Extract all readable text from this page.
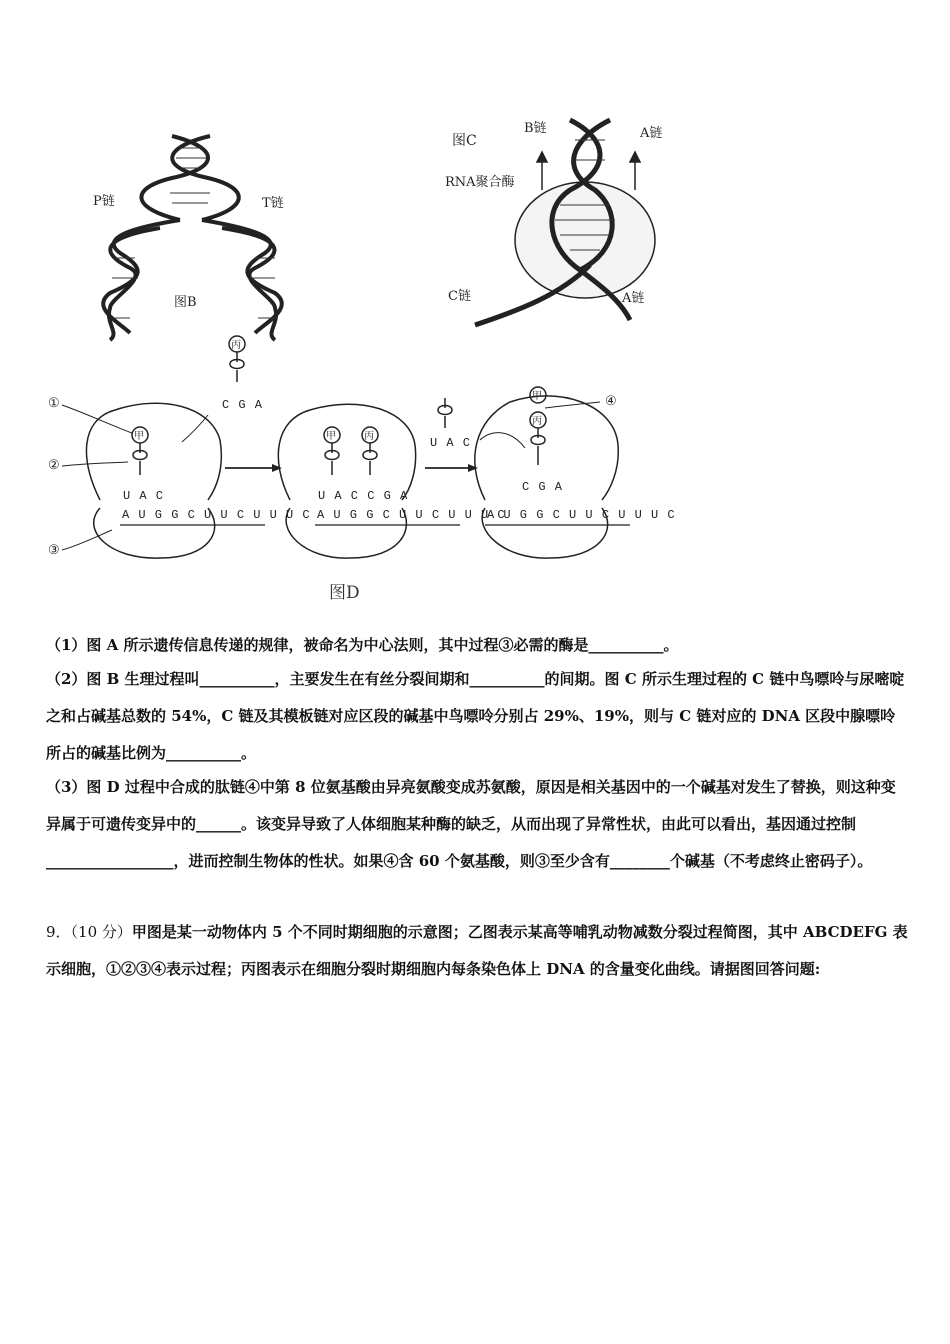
P链	T链
图B
图C
B链	A链
RNA聚合酶
C链	A链
①
②
③
④
丙
C G A
U A C
甲	甲	丙
甲
丙
U A C	U A C C G A
C G A
A U G G C U U C U U U C A U G G C U U C U U U C
A U G G C U U C U U U C
图D
（1）图 A 所示遗传信息传递的规律，被命名为中心法则，其中过程③必需的酶是__________。
（2）图 B 生理过程叫__________，主要发生在有丝分裂间期和__________的间期。图 C 所示生理过程的 C 链中鸟嘌呤与尿嘧啶之和占碱基总数的 54%，C 链及其模板链对应区段的碱基中鸟嘌呤分别占 29%、19%，则与 C 链对应的 DNA 区段中腺嘌呤所占的碱基比例为__________。
（3）图 D 过程中合成的肽链④中第 8 位氨基酸由异亮氨酸变成苏氨酸，原因是相关基因中的一个碱基对发生了替换，则这种变异属于可遗传变异中的______。该变异导致了人体细胞某种酶的缺乏，从而出现了异常性状，由此可以看出，基因通过控制_________________，进而控制生物体的性状。如果④含 60 个氨基酸，则③至少含有________个碱基（不考虑终止密码子）。
9．（10 分）甲图是某一动物体内 5 个不同时期细胞的示意图；乙图表示某高等哺乳动物减数分裂过程简图，其中 ABCDEFG 表示细胞，①②③④表示过程；丙图表示在细胞分裂时期细胞内每条染色体上 DNA 的含量变化曲线。请据图回答问题:
